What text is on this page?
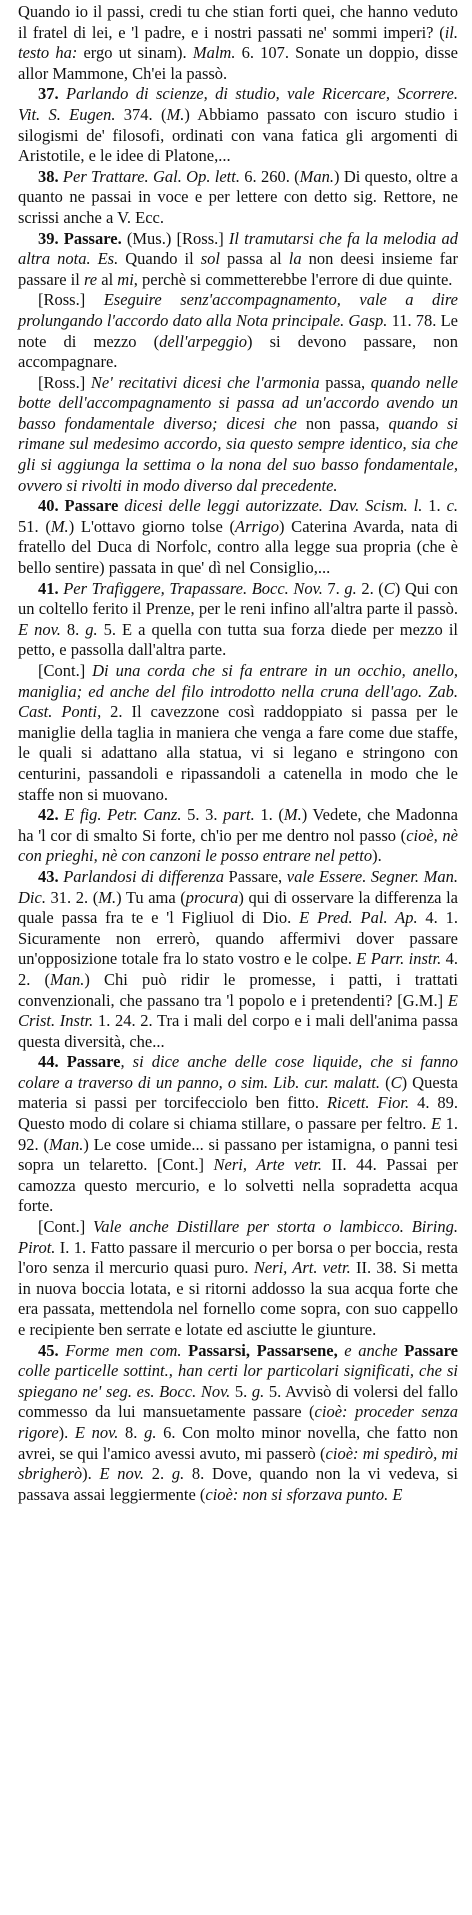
Quando io il passi, credi tu che stian forti quei, che hanno veduto il fratel di lei, e 'l padre, e i nostri passati ne' sommi imperi? (il. testo ha: ergo ut sinam). Malm. 6. 107. Sonate un doppio, disse allor Mammone, Ch'ei la passò.

37. Parlando di scienze, di studio, vale Ricercare, Scorrere. Vit. S. Eugen. 374. (M.) Abbiamo passato con iscuro studio i silogismi de' filosofi, ordinati con vana fatica gli argomenti di Aristotile, e le idee di Platone,...

38. Per Trattare. Gal. Op. lett. 6. 260. (Man.) Di questo, oltre a quanto ne passai in voce e per lettere con detto sig. Rettore, ne scrissi anche a V. Ecc.

39. Passare. (Mus.) [Ross.] Il tramutarsi che fa la melodia ad altra nota. Es. Quando il sol passa al la non deesi insieme far passare il re al mi, perchè si commetterebbe l'errore di due quinte.

[Ross.] Eseguire senz'accompagnamento, vale a dire prolungando l'accordo dato alla Nota principale. Gasp. 11. 78. Le note di mezzo (dell'arpeggio) si devono passare, non accompagnare.

[Ross.] Ne' recitativi dicesi che l'armonia passa, quando nelle botte dell'accompagnamento si passa ad un'accordo avendo un basso fondamentale diverso; dicesi che non passa, quando si rimane sul medesimo accordo, sia questo sempre identico, sia che gli si aggiunga la settima o la nona del suo basso fondamentale, ovvero si rivolti in modo diverso dal precedente.

40. Passare dicesi delle leggi autorizzate. Dav. Scism. l. 1. c. 51. (M.) L'ottavo giorno tolse (Arrigo) Caterina Avarda, nata di fratello del Duca di Norfolc, contro alla legge sua propria (che è bello sentire) passata in que' dì nel Consiglio,...

41. Per Trafiggere, Trapassare. Bocc. Nov. 7. g. 2. (C) Qui con un coltello ferito il Prenze, per le reni infino all'altra parte il passò. E nov. 8. g. 5. E a quella con tutta sua forza diede per mezzo il petto, e passolla dall'altra parte.

[Cont.] Di una corda che si fa entrare in un occhio, anello, maniglia; ed anche del filo introdotto nella cruna dell'ago. Zab. Cast. Ponti, 2. Il cavezzone così raddoppiato si passa per le maniglie della taglia in maniera che venga a fare come due staffe, le quali si adattano alla statua, vi si legano e stringono con centurini, passandoli e ripassandoli a catenella in modo che le staffe non si muovano.

42. E fig. Petr. Canz. 5. 3. part. 1. (M.) Vedete, che Madonna ha 'l cor di smalto Si forte, ch'io per me dentro nol passo (cioè, nè con prieghi, nè con canzoni le posso entrare nel petto).

43. Parlandosi di differenza Passare, vale Essere. Segner. Man. Dic. 31. 2. (M.) Tu ama (procura) qui di osservare la differenza la quale passa fra te e 'l Figliuol di Dio. E Pred. Pal. Ap. 4. 1. Sicuramente non errerò, quando affermivi dover passare un'opposizione totale fra lo stato vostro e le colpe. E Parr. instr. 4. 2. (Man.) Chi può ridir le promesse, i patti, i trattati convenzionali, che passano tra 'l popolo e i pretendenti? [G.M.] E Crist. Instr. 1. 24. 2. Tra i mali del corpo e i mali dell'anima passa questa diversità, che...

44. Passare, si dice anche delle cose liquide, che si fanno colare a traverso di un panno, o sim. Lib. cur. malatt. (C) Questa materia si passi per torcifecciolo ben fitto. Ricett. Fior. 4. 89. Questo modo di colare si chiama stillare, o passare per feltro. E 1. 92. (Man.) Le cose umide... si passano per istamigna, o panni tesi sopra un telaretto. [Cont.] Neri, Arte vetr. II. 44. Passai per camozza questo mercurio, e lo solvetti nella sopradetta acqua forte.

[Cont.] Vale anche Distillare per storta o lambicco. Biring. Pirot. I. 1. Fatto passare il mercurio o per borsa o per boccia, resta l'oro senza il mercurio quasi puro. Neri, Art. vetr. II. 38. Si metta in nuova boccia lotata, e si ritorni addosso la sua acqua forte che era passata, mettendola nel fornello come sopra, con suo cappello e recipiente ben serrate e lotate ed asciutte le giunture.

45. Forme men com. Passarsi, Passarsene, e anche Passare colle particelle sottint., han certi lor particolari significati, che si spiegano ne' seg. es. Bocc. Nov. 5. g. 5. Avvisò di volersi del fallo commesso da lui mansuetamente passare (cioè: proceder senza rigore). E nov. 8. g. 6. Con molto minor novella, che fatto non avrei, se qui l'amico avessi avuto, mi passerò (cioè: mi spedirò, mi sbrigherò). E nov. 2. g. 8. Dove, quando non la vi vedeva, si passava assai leggiermente (cioè: non si sforzava punto. E
